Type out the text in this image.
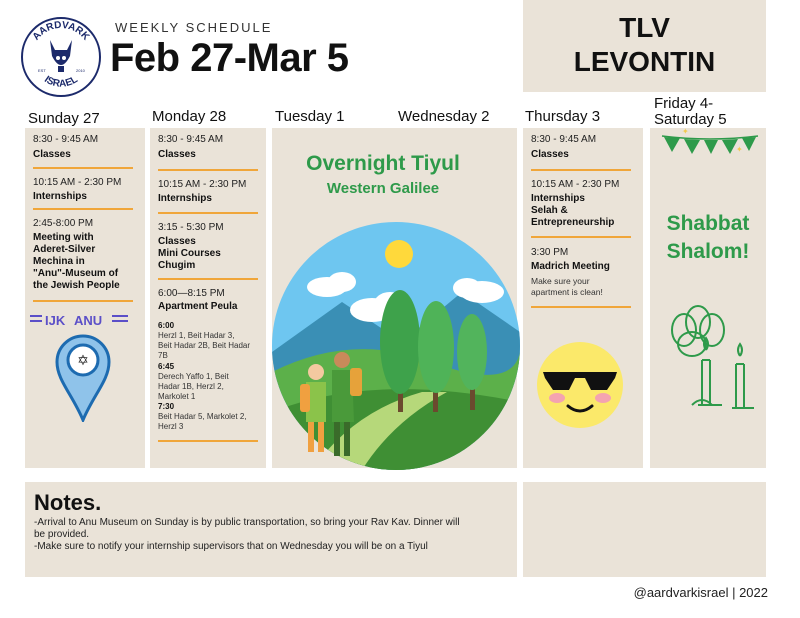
AARDVARK
ISRAEL
EST	2010
WEEKLY SCHEDULE
Feb 27-Mar 5
TLV
LEVONTIN
Sunday 27	Monday 28	Tuesday 1	Wednesday 2 Thursday 3
Friday 4-
Saturday 5
8:30 - 9:45 AM
Classes
10:15 AM - 2:30 PM
Internships
2:45-8:00 PM
Meeting with
Aderet-Silver
Mechina in
"Anu"-Museum of
the Jewish People
IJK ANU
✡
8:30 - 9:45 AM
Classes
10:15 AM - 2:30 PM
Internships
3:15 - 5:30 PM
Classes
Mini Courses
Chugim
6:00—8:15 PM
Apartment Peula
6:00
Herzl 1, Beit Hadar 3,
Beit Hadar 2B, Beit Hadar
7B
6:45
Derech Yaffo 1, Beit
Hadar 1B, Herzl 2,
Markolet 1
7:30
Beit Hadar 5, Markolet 2,
Herzl 3
Overnight Tiyul
Western Galilee
8:30 - 9:45 AM
Classes
10:15 AM - 2:30 PM
Internships
Selah &
Entrepreneurship
3:30 PM
Madrich Meeting
Make sure your
apartment is clean!
✦
✦
Shabbat
Shalom!
Notes.
-Arrival to Anu Museum on Sunday is by public transportation, so bring your Rav Kav. Dinner will
be provided.
-Make sure to notify your internship supervisors that on Wednesday you will be on a Tiyul
@aardvarkisrael | 2022
